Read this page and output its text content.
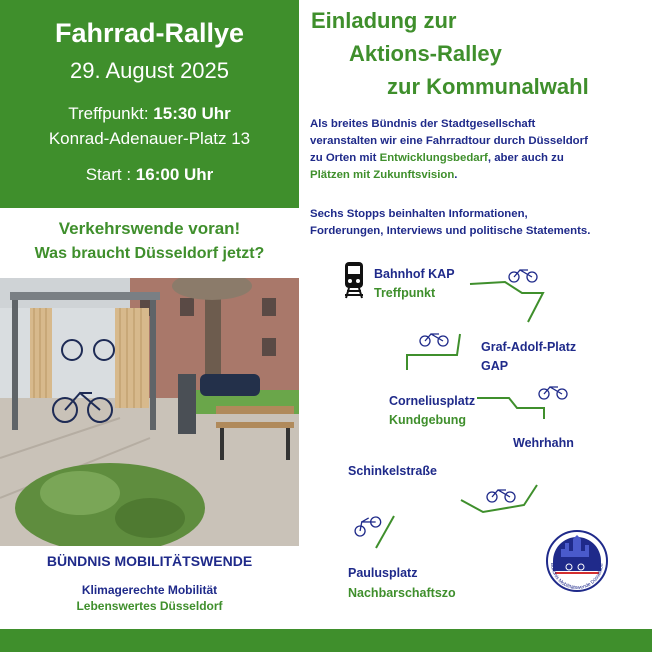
Fahrrad-Rallye
29. August 2025
Treffpunkt: 15:30 Uhr
Konrad-Adenauer-Platz 13
Start : 16:00 Uhr
Verkehrswende voran!
Was braucht Düsseldorf jetzt?
BÜNDNIS MOBILITÄTSWENDE
Klimagerechte Mobilität
Lebenswertes Düsseldorf
Einladung zur
Aktions-Ralley
zur Kommunalwahl
Als breites Bündnis der Stadtgesellschaft
veranstalten wir eine Fahrradtour durch Düsseldorf
zu Orten mit Entwicklungsbedarf, aber auch zu
Plätzen mit Zukunftsvision.
Sechs Stopps beinhalten Informationen,
Forderungen, Interviews und politische Statements.
Bahnhof KAP
Treffpunkt
Graf-Adolf-Platz
GAP
Corneliusplatz
Kundgebung
Wehrhahn
Schinkelstraße
Paulusplatz
Nachbarschaftszo
Bündnis Mobilitätswende Düsseldorf
